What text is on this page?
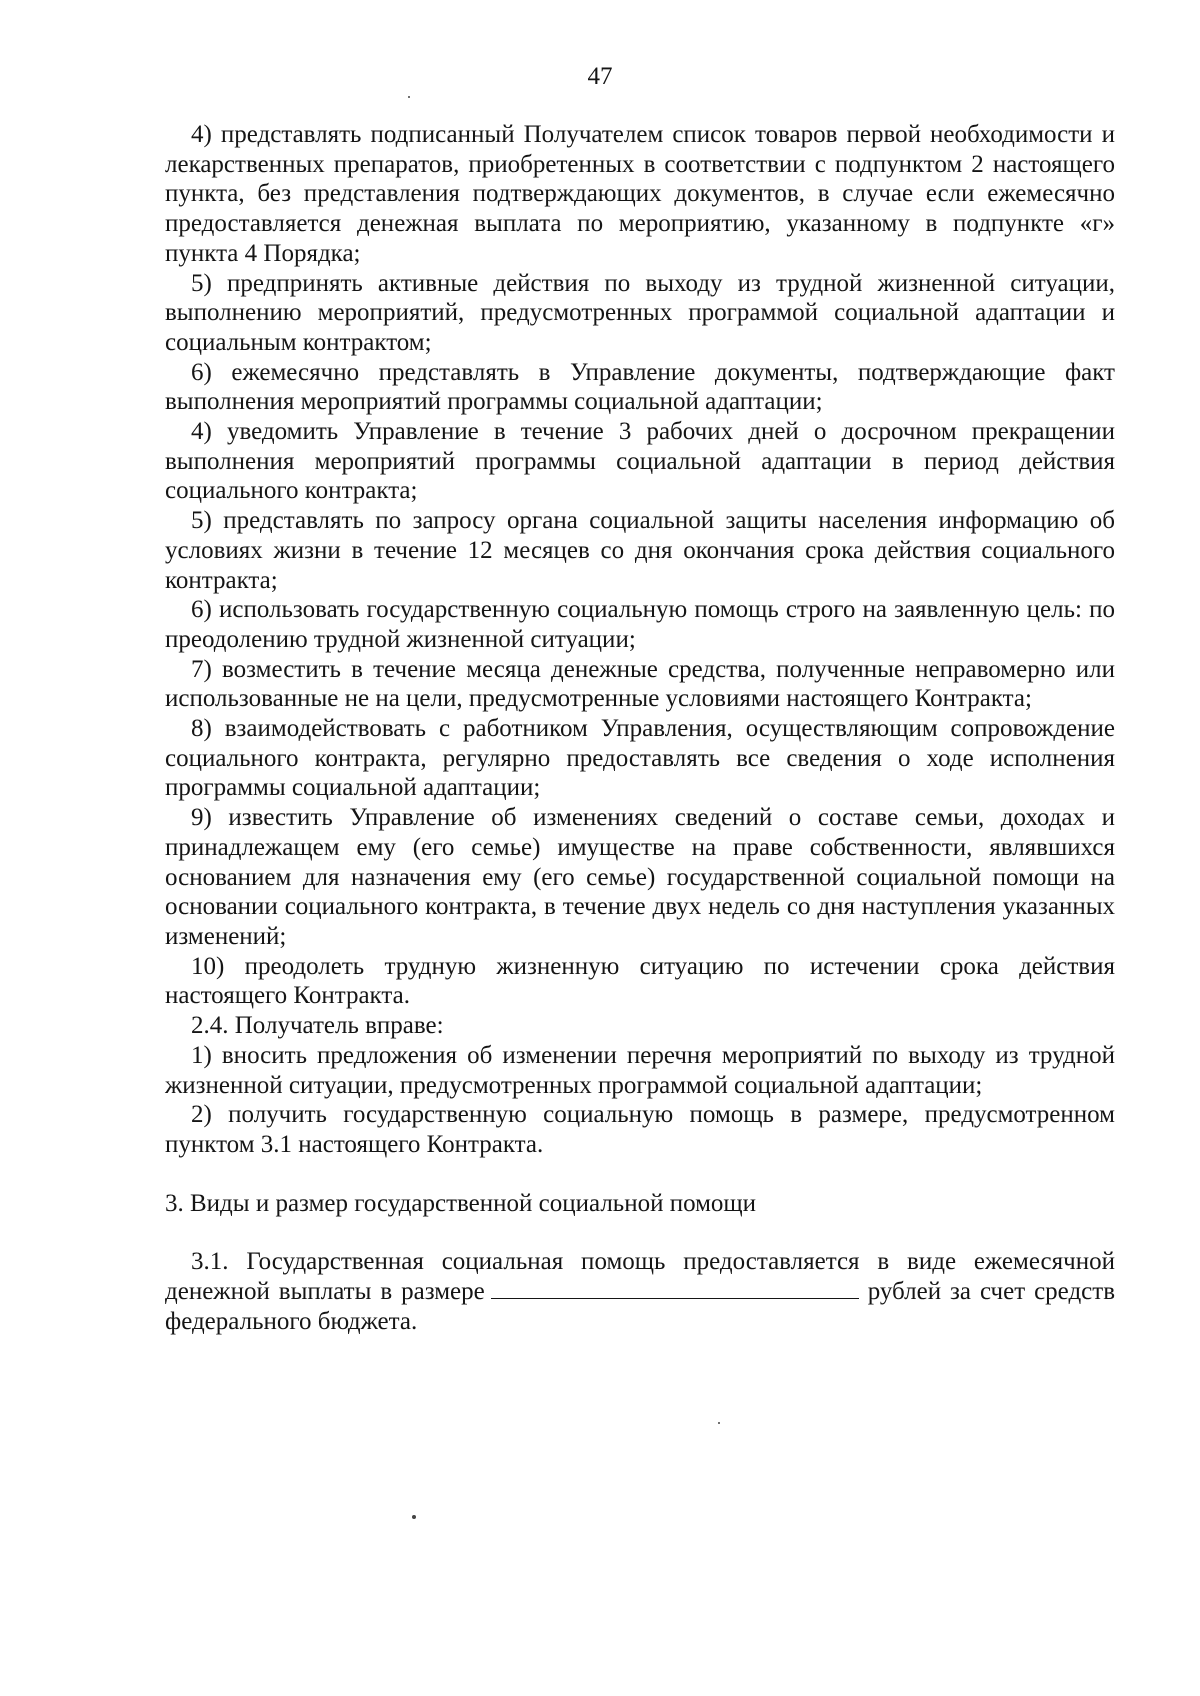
47

4) представлять подписанный Получателем список товаров первой необходимости и лекарственных препаратов, приобретенных в соответствии с подпунктом 2 настоящего пункта, без представления подтверждающих документов, в случае если ежемесячно предоставляется денежная выплата по мероприятию, указанному в подпункте «г» пункта 4 Порядка;

5) предпринять активные действия по выходу из трудной жизненной ситуации, выполнению мероприятий, предусмотренных программой социальной адаптации и социальным контрактом;

6) ежемесячно представлять в Управление документы, подтверждающие факт выполнения мероприятий программы социальной адаптации;

4) уведомить Управление в течение 3 рабочих дней о досрочном прекращении выполнения мероприятий программы социальной адаптации в период действия социального контракта;

5) представлять по запросу органа социальной защиты населения информацию об условиях жизни в течение 12 месяцев со дня окончания срока действия социального контракта;

6) использовать государственную социальную помощь строго на заявленную цель: по преодолению трудной жизненной ситуации;

7) возместить в течение месяца денежные средства, полученные неправомерно или использованные не на цели, предусмотренные условиями настоящего Контракта;

8) взаимодействовать с работником Управления, осуществляющим сопровождение социального контракта, регулярно предоставлять все сведения о ходе исполнения программы социальной адаптации;

9) известить Управление об изменениях сведений о составе семьи, доходах и принадлежащем ему (его семье) имуществе на праве собственности, являвшихся основанием для назначения ему (его семье) государственной социальной помощи на основании социального контракта, в течение двух недель со дня наступления указанных изменений;

10) преодолеть трудную жизненную ситуацию по истечении срока действия настоящего Контракта.

2.4. Получатель вправе:

1) вносить предложения об изменении перечня мероприятий по выходу из трудной жизненной ситуации, предусмотренных программой социальной адаптации;

2) получить государственную социальную помощь в размере, предусмотренном пунктом 3.1 настоящего Контракта.

3. Виды и размер государственной социальной помощи

3.1. Государственная социальная помощь предоставляется в виде ежемесячной денежной выплаты в размере	рублей за счет средств федерального бюджета.
